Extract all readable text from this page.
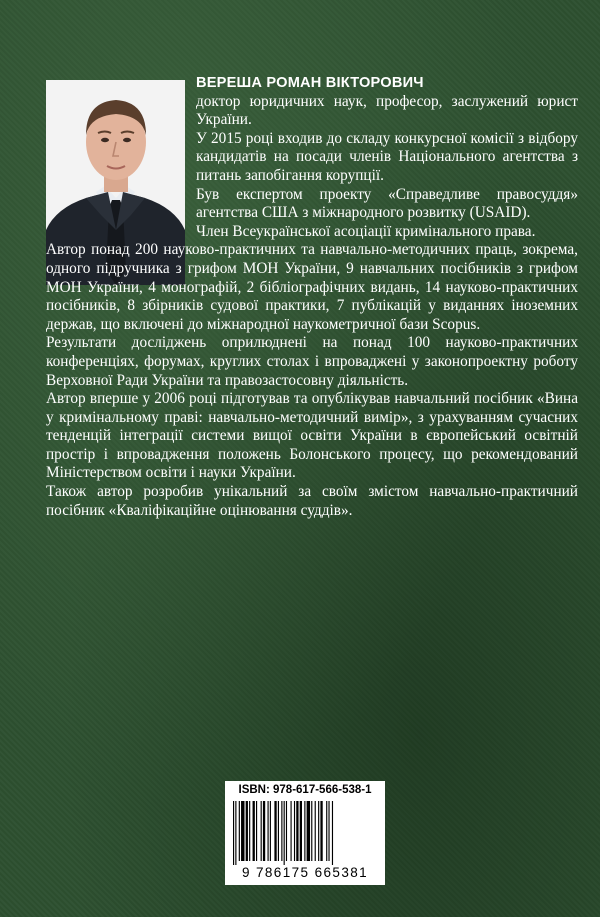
ВЕРЕША РОМАН ВІКТОРОВИЧ

доктор юридичних наук, професор, заслужений юрист України.

У 2015 році входив до складу конкурсної комісії з відбору кандидатів на посади членів Національного агентства з питань запобігання корупції.

Був експертом проекту «Справедливе правосуддя» агентства США з міжнародного розвитку (USAID).

Член Всеукраїнської асоціації кримінального права.

Автор понад 200 науково-практичних та навчально-методичних праць, зокрема, одного підручника з грифом МОН України, 9 навчальних посібників з грифом МОН України, 4 монографій, 2 бібліографічних видань, 14 науково-практичних посібників, 8 збірників судової практики, 7 публікацій у виданнях іноземних держав, що включені до міжнародної наукометричної бази Scopus.

Результати досліджень оприлюднені на понад 100 науково-практичних конференціях, форумах, круглих столах і впроваджені у законопроектну роботу Верховної Ради України та правозастосовну діяльність.

Автор вперше у 2006 році підготував та опублікував навчальний посібник «Вина у кримінальному праві: навчально-методичний вимір», з урахуванням сучасних тенденцій інтеграції системи вищої освіти України в європейський освітній простір і впровадження положень Болонського процесу, що рекомендований Міністерством освіти і науки України.

Також автор розробив унікальний за своїм змістом навчально-практичний посібник «Кваліфікаційне оцінювання суддів».

ISBN: 978-617-566-538-1
9 786175 665381
